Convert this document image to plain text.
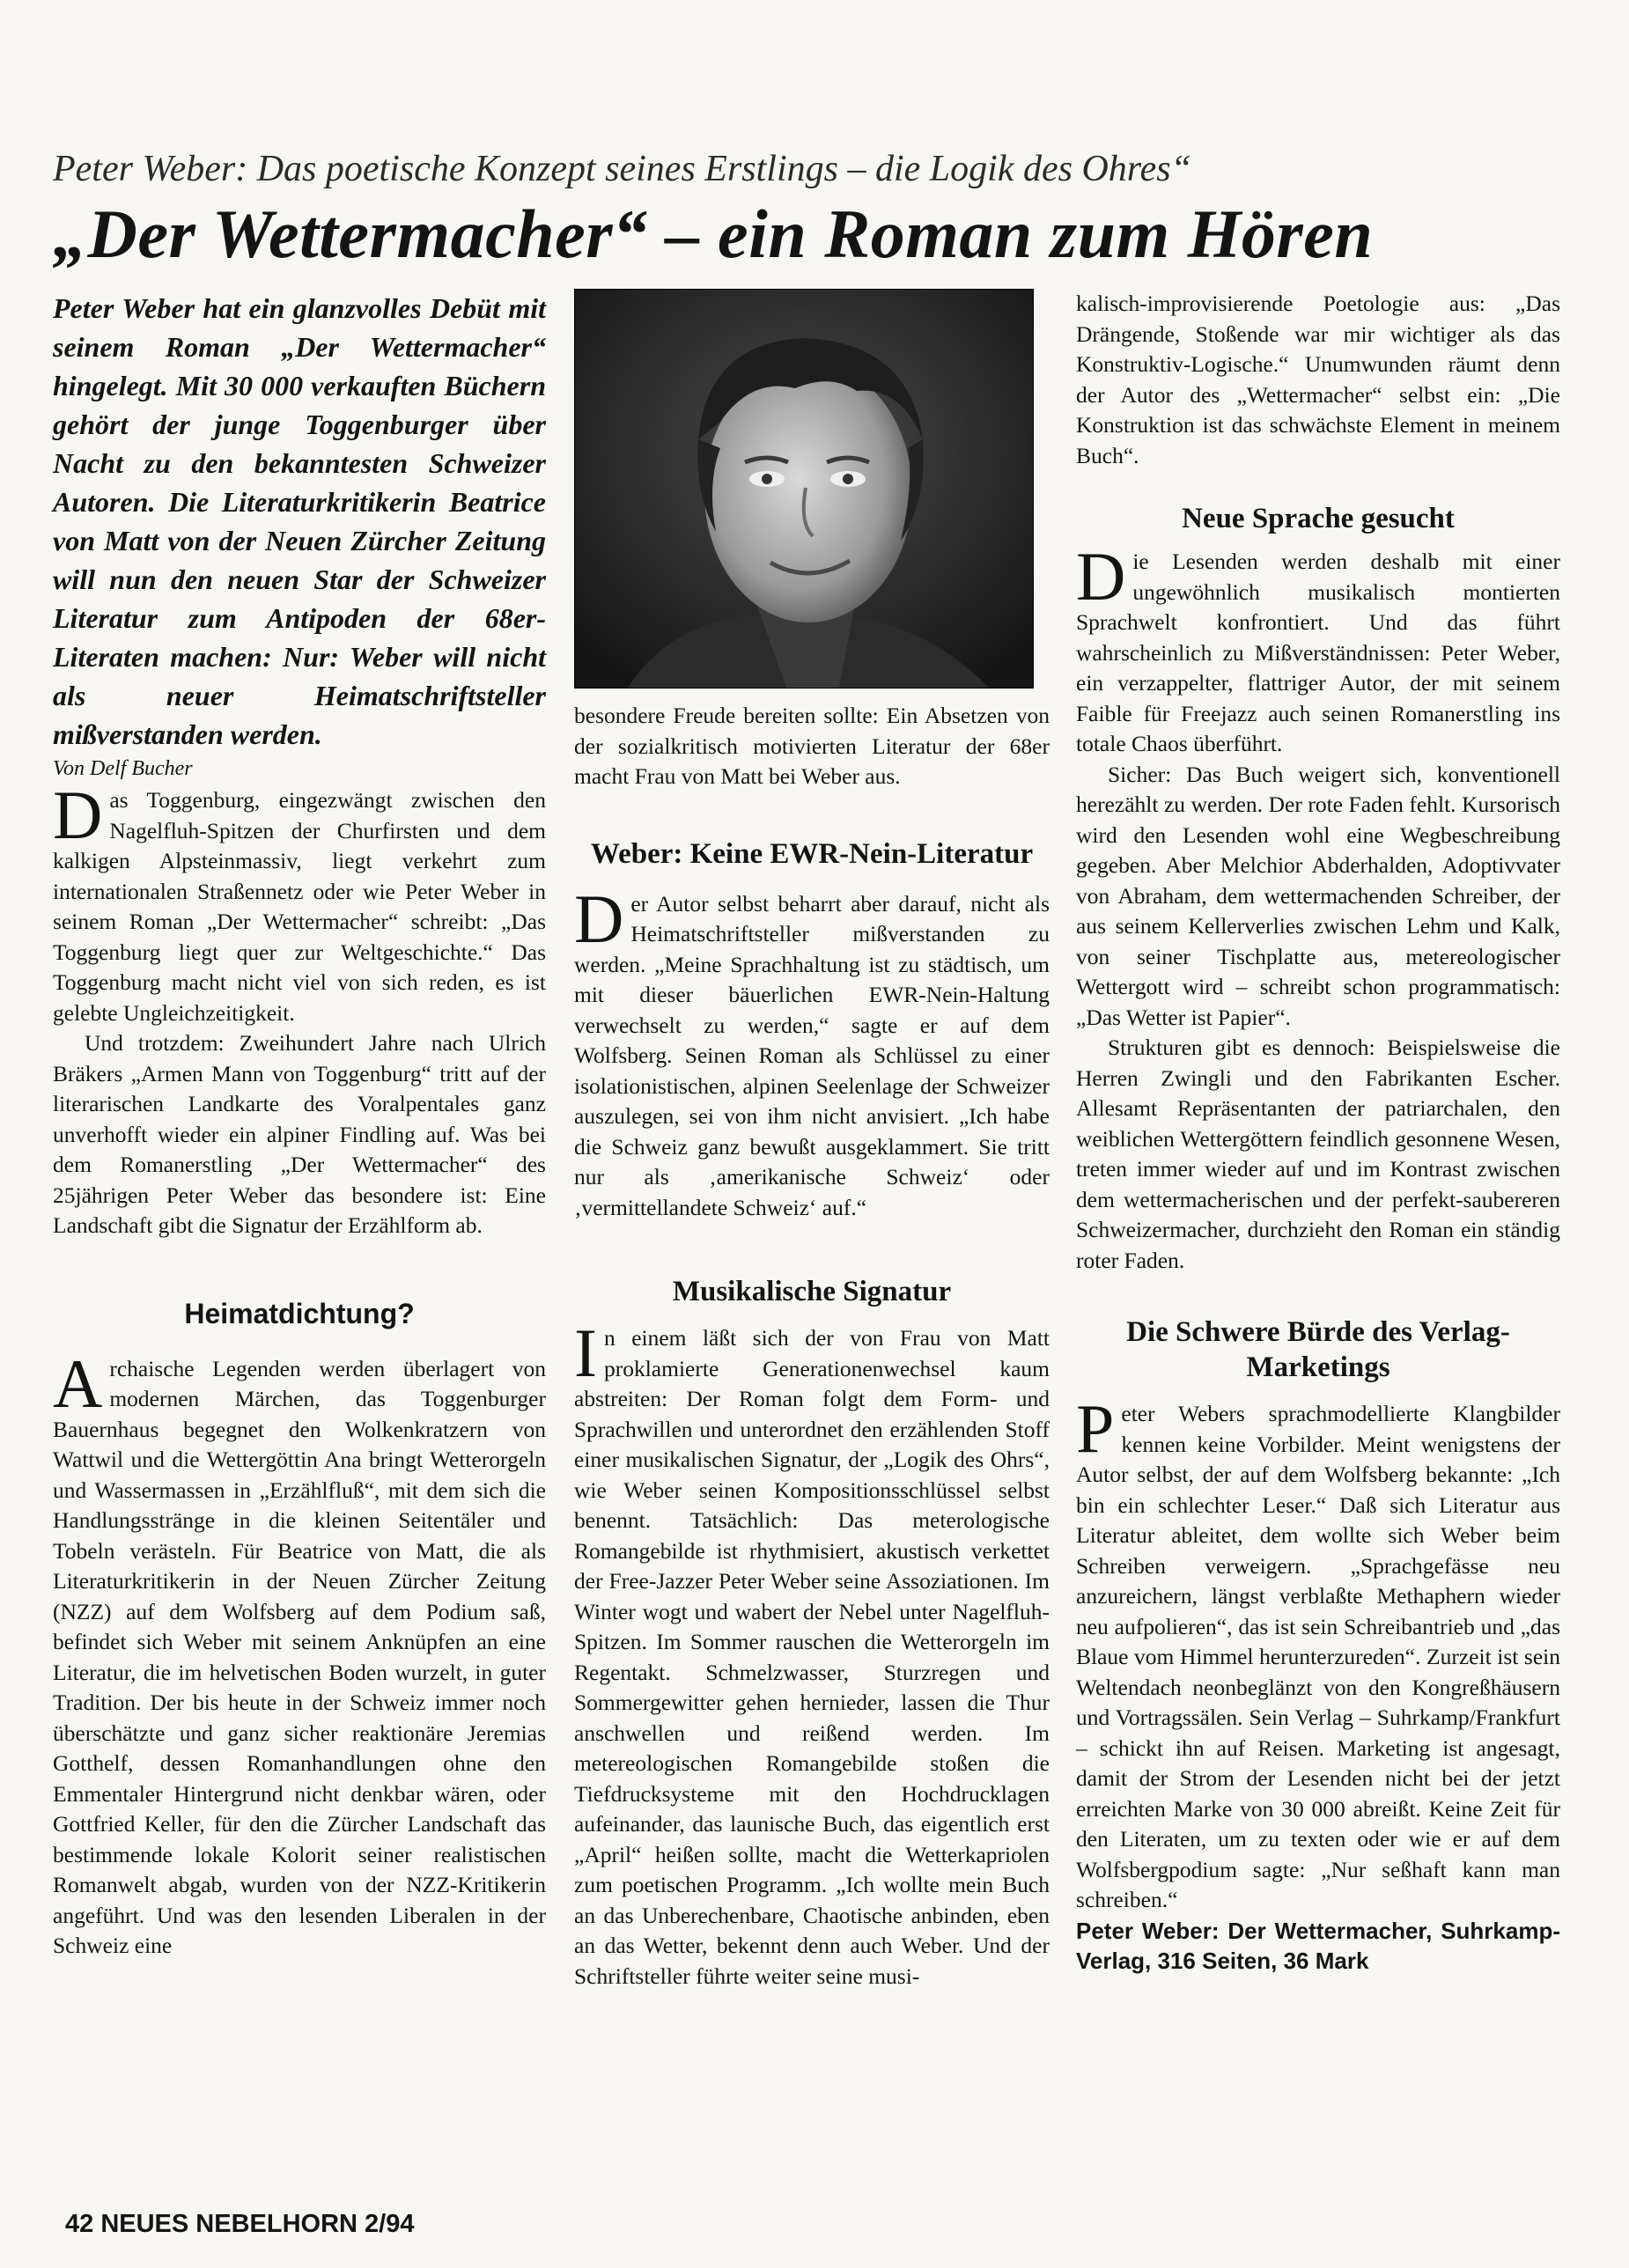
Peter Weber: Das poetische Konzept seines Erstlings – die Logik des Ohres“
„Der Wettermacher“ – ein Roman zum Hören
Peter Weber hat ein glanzvolles Debüt mit seinem Roman „Der Wettermacher“ hingelegt. Mit 30 000 verkauften Büchern gehört der junge Toggenburger über Nacht zu den bekanntesten Schweizer Autoren. Die Literaturkritikerin Beatrice von Matt von der Neuen Zürcher Zeitung will nun den neuen Star der Schweizer Literatur zum Antipoden der 68er-Literaten machen: Nur: Weber will nicht als neuer Heimatschriftsteller mißverstanden werden.
Von Delf Bucher

Das Toggenburg, eingezwängt zwischen den Nagelfluh-Spitzen der Churfirsten und dem kalkigen Alpsteinmassiv, liegt verkehrt zum internationalen Straßennetz oder wie Peter Weber in seinem Roman „Der Wettermacher“ schreibt: „Das Toggenburg liegt quer zur Weltgeschichte.“ Das Toggenburg macht nicht viel von sich reden, es ist gelebte Ungleichzeitigkeit.

Und trotzdem: Zweihundert Jahre nach Ulrich Bräkers „Armen Mann von Toggenburg“ tritt auf der literarischen Landkarte des Voralpentales ganz unverhofft wieder ein alpiner Findling auf. Was bei dem Romanerstling „Der Wettermacher“ des 25jährigen Peter Weber das besondere ist: Eine Landschaft gibt die Signatur der Erzählform ab.

Heimatdichtung?

Archaische Legenden werden überlagert von modernen Märchen, das Toggenburger Bauernhaus begegnet den Wolkenkratzern von Wattwil und die Wettergöttin Ana bringt Wetterorgeln und Wassermassen in „Erzählfluß“, mit dem sich die Handlungsstränge in die kleinen Seitentäler und Tobeln verästeln. Für Beatrice von Matt, die als Literaturkritikerin in der Neuen Zürcher Zeitung (NZZ) auf dem Wolfsberg auf dem Podium saß, befindet sich Weber mit seinem Anknüpfen an eine Literatur, die im helvetischen Boden wurzelt, in guter Tradition. Der bis heute in der Schweiz immer noch überschätzte und ganz sicher reaktionäre Jeremias Gotthelf, dessen Romanhandlungen ohne den Emmentaler Hintergrund nicht denkbar wären, oder Gottfried Keller, für den die Zürcher Landschaft das bestimmende lokale Kolorit seiner realistischen Romanwelt abgab, wurden von der NZZ-Kritikerin angeführt. Und was den lesenden Liberalen in der Schweiz eine

besondere Freude bereiten sollte: Ein Absetzen von der sozialkritisch motivierten Literatur der 68er macht Frau von Matt bei Weber aus.
Weber: Keine EWR-Nein-Literatur

Der Autor selbst beharrt aber darauf, nicht als Heimatschriftsteller mißverstanden zu werden. „Meine Sprachhaltung ist zu städtisch, um mit dieser bäuerlichen EWR-Nein-Haltung verwechselt zu werden,“ sagte er auf dem Wolfsberg. Seinen Roman als Schlüssel zu einer isolationistischen, alpinen Seelenlage der Schweizer auszulegen, sei von ihm nicht anvisiert. „Ich habe die Schweiz ganz bewußt ausgeklammert. Sie tritt nur als ‚amerikanische Schweiz‘ oder ‚vermittellandete Schweiz‘ auf.“

Musikalische Signatur

In einem läßt sich der von Frau von Matt proklamierte Generationenwechsel kaum abstreiten: Der Roman folgt dem Form- und Sprachwillen und unterordnet den erzählenden Stoff einer musikalischen Signatur, der „Logik des Ohrs“, wie Weber seinen Kompositionsschlüssel selbst benennt. Tatsächlich: Das meterologische Romangebilde ist rhythmisiert, akustisch verkettet der Free-Jazzer Peter Weber seine Assoziationen. Im Winter wogt und wabert der Nebel unter Nagelfluh-Spitzen. Im Sommer rauschen die Wetterorgeln im Regentakt. Schmelzwasser, Sturzregen und Sommergewitter gehen hernieder, lassen die Thur anschwellen und reißend werden. Im metereologischen Romangebilde stoßen die Tiefdrucksysteme mit den Hochdrucklagen aufeinander, das launische Buch, das eigentlich erst „April“ heißen sollte, macht die Wetterkapriolen zum poetischen Programm. „Ich wollte mein Buch an das Unberechenbare, Chaotische anbinden, eben an das Wetter, bekennt denn auch Weber. Und der Schriftsteller führte weiter seine musi-

kalisch-improvisierende Poetologie aus: „Das Drängende, Stoßende war mir wichtiger als das Konstruktiv-Logische.“ Unumwunden räumt denn der Autor des „Wettermacher“ selbst ein: „Die Konstruktion ist das schwächste Element in meinem Buch“.

Neue Sprache gesucht

Die Lesenden werden deshalb mit einer ungewöhnlich musikalisch montierten Sprachwelt konfrontiert. Und das führt wahrscheinlich zu Mißverständnissen: Peter Weber, ein verzappelter, flattriger Autor, der mit seinem Faible für Freejazz auch seinen Romanerstling ins totale Chaos überführt.

Sicher: Das Buch weigert sich, konventionell herezählt zu werden. Der rote Faden fehlt. Kursorisch wird den Lesenden wohl eine Wegbeschreibung gegeben. Aber Melchior Abderhalden, Adoptivvater von Abraham, dem wettermachenden Schreiber, der aus seinem Kellerverlies zwischen Lehm und Kalk, von seiner Tischplatte aus, metereologischer Wettergott wird – schreibt schon programmatisch: „Das Wetter ist Papier“.

Strukturen gibt es dennoch: Beispielsweise die Herren Zwingli und den Fabrikanten Escher. Allesamt Repräsentanten der patriarchalen, den weiblichen Wettergöttern feindlich gesonnene Wesen, treten immer wieder auf und im Kontrast zwischen dem wettermacherischen und der perfekt-saubereren Schweizermacher, durchzieht den Roman ein ständig roter Faden.

Die Schwere Bürde des Verlag-Marketings

Peter Webers sprachmodellierte Klangbilder kennen keine Vorbilder. Meint wenigstens der Autor selbst, der auf dem Wolfsberg bekannte: „Ich bin ein schlechter Leser.“ Daß sich Literatur aus Literatur ableitet, dem wollte sich Weber beim Schreiben verweigern. „Sprachgefässe neu anzureichern, längst verblaßte Methaphern wieder neu aufpolieren“, das ist sein Schreibantrieb und „das Blaue vom Himmel herunterzureden“. Zurzeit ist sein Weltendach neonbeglänzt von den Kongreßhäusern und Vortragssälen. Sein Verlag – Suhrkamp/Frankfurt – schickt ihn auf Reisen. Marketing ist angesagt, damit der Strom der Lesenden nicht bei der jetzt erreichten Marke von 30 000 abreißt. Keine Zeit für den Literaten, um zu texten oder wie er auf dem Wolfsbergpodium sagte: „Nur seßhaft kann man schreiben.“

Peter Weber: Der Wettermacher, Suhrkamp-Verlag, 316 Seiten, 36 Mark

42 NEUES NEBELHORN 2/94
